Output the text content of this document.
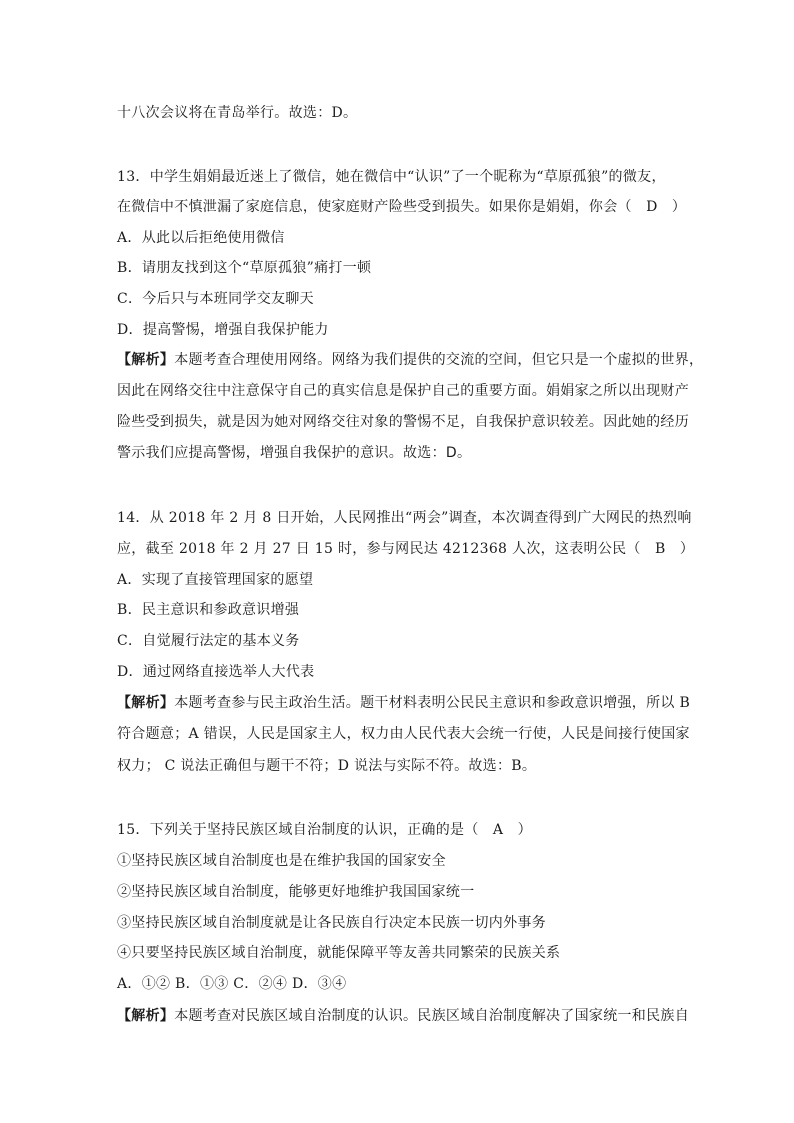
十八次会议将在青岛举行。故选：D。
13．中学生娟娟最近迷上了微信，她在微信中“认识”了一个昵称为“草原孤狼”的微友，
在微信中不慎泄漏了家庭信息，使家庭财产险些受到损失。如果你是娟娟，你会（　D　）
A．从此以后拒绝使用微信
B．请朋友找到这个“草原孤狼”痛打一顿
C．今后只与本班同学交友聊天
D．提高警惕，增强自我保护能力
【解析】本题考查合理使用网络。网络为我们提供的交流的空间，但它只是一个虚拟的世界，
因此在网络交往中注意保守自己的真实信息是保护自己的重要方面。娟娟家之所以出现财产
险些受到损失，就是因为她对网络交往对象的警惕不足，自我保护意识较差。因此她的经历
警示我们应提高警惕，增强自我保护的意识。故选：D。
14．从 2018 年 2 月 8 日开始，人民网推出“两会”调查，本次调查得到广大网民的热烈响
应，截至 2018 年 2 月 27 日 15 时，参与网民达 4212368 人次，这表明公民（　B　）
A．实现了直接管理国家的愿望
B．民主意识和参政意识增强
C．自觉履行法定的基本义务
D．通过网络直接选举人大代表
【解析】本题考查参与民主政治生活。题干材料表明公民民主意识和参政意识增强，所以 B
符合题意；A 错误，人民是国家主人，权力由人民代表大会统一行使，人民是间接行使国家
权力； C 说法正确但与题干不符；D 说法与实际不符。故选：B。
15．下列关于坚持民族区域自治制度的认识，正确的是（　A　）
①坚持民族区域自治制度也是在维护我国的国家安全
②坚持民族区域自治制度，能够更好地维护我国国家统一
③坚持民族区域自治制度就是让各民族自行决定本民族一切内外事务
④只要坚持民族区域自治制度，就能保障平等友善共同繁荣的民族关系
A．①② B．①③ C．②④ D．③④
【解析】本题考查对民族区域自治制度的认识。民族区域自治制度解决了国家统一和民族自
